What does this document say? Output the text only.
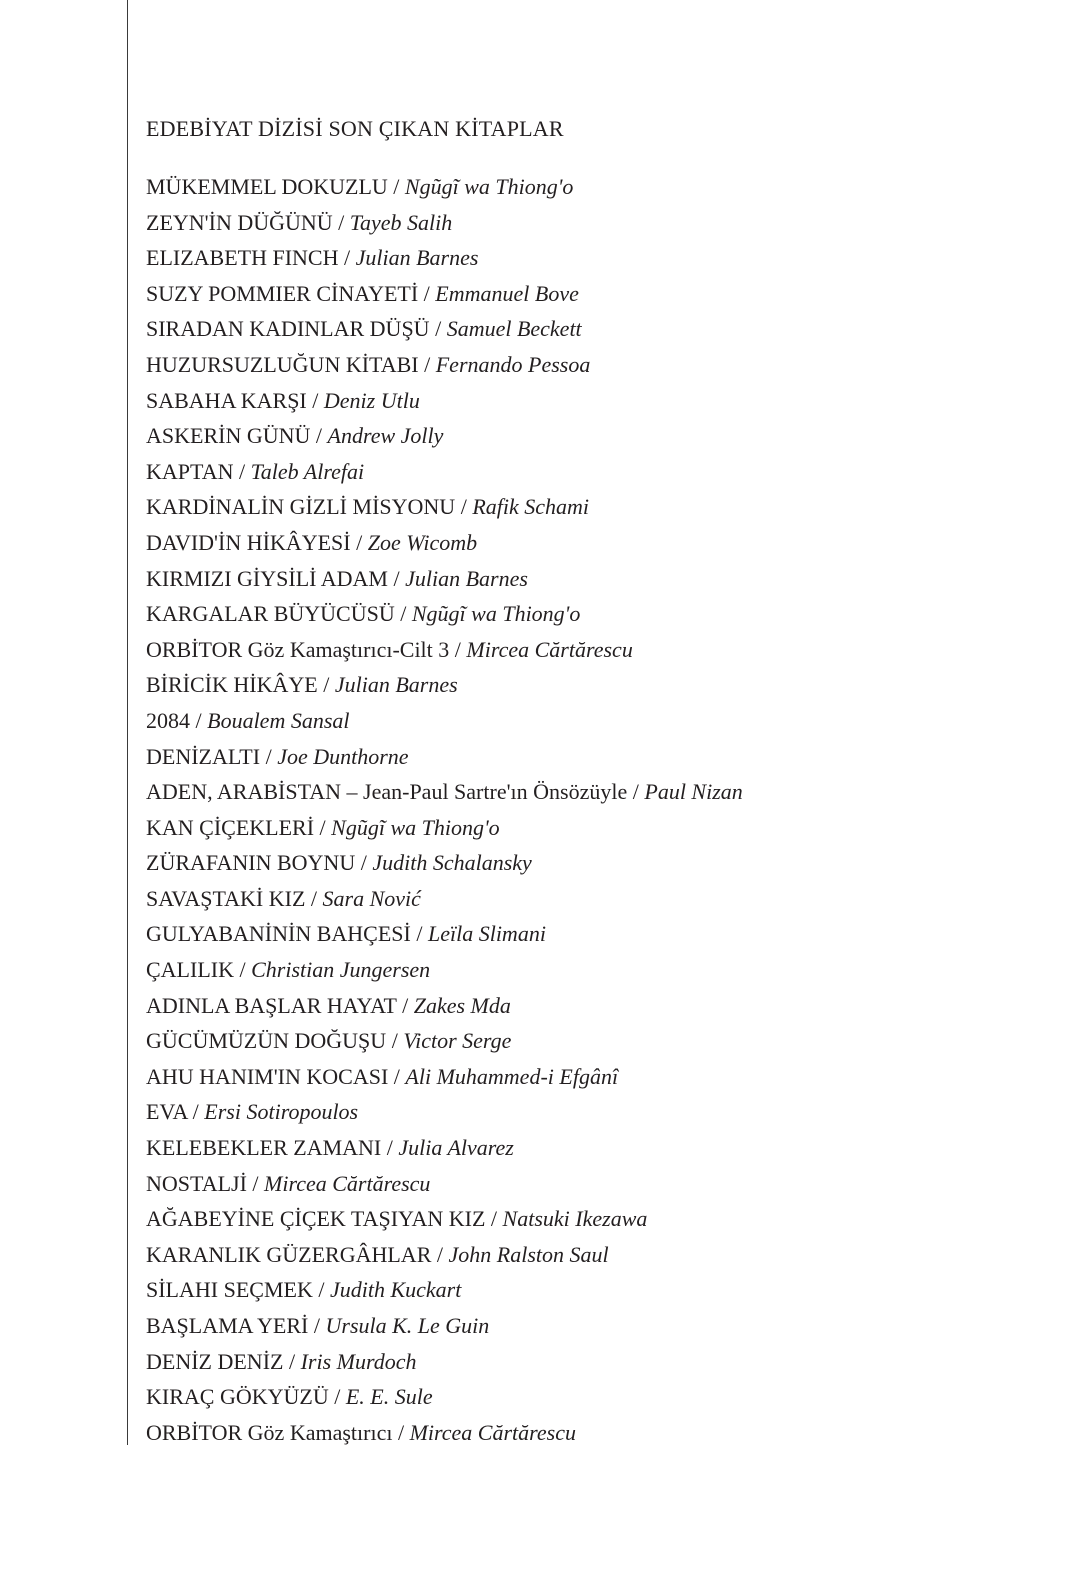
EDEBİYAT DİZİSİ SON ÇIKAN KİTAPLAR
MÜKEMMEL DOKUZLU / Ngũgĩ wa Thiong'o
ZEYN'İN DÜĞÜNÜ / Tayeb Salih
ELIZABETH FINCH / Julian Barnes
SUZY POMMIER CİNAYETİ / Emmanuel Bove
SIRADAN KADINLAR DÜŞÜ / Samuel Beckett
HUZURSUZLUĞUN KİTABI / Fernando Pessoa
SABAHA KARŞI / Deniz Utlu
ASKERİN GÜNÜ / Andrew Jolly
KAPTAN / Taleb Alrefai
KARDİNALİN GİZLİ MİSYONU / Rafik Schami
DAVID'İN HİKÂYESİ / Zoe Wicomb
KIRMIZI GİYSİLİ ADAM / Julian Barnes
KARGALAR BÜYÜCÜSÜ / Ngũgĩ wa Thiong'o
ORBİTOR Göz Kamaştırıcı-Cilt 3 / Mircea Cărtărescu
BİRİCİK HİKÂYE / Julian Barnes
2084 / Boualem Sansal
DENİZALTI / Joe Dunthorne
ADEN, ARABİSTAN – Jean-Paul Sartre'ın Önsözüyle / Paul Nizan
KAN ÇİÇEKLERİ / Ngũgĩ wa Thiong'o
ZÜRAFANIN BOYNU / Judith Schalansky
SAVAŞTAKİ KIZ / Sara Nović
GULYABANİNİN BAHÇESİ / Leïla Slimani
ÇALILIK / Christian Jungersen
ADINLA BAŞLAR HAYAT / Zakes Mda
GÜCÜMÜZÜN DOĞUŞU / Victor Serge
AHU HANIM'IN KOCASI / Ali Muhammed-i Efgânî
EVA / Ersi Sotiropoulos
KELEBEKLER ZAMANI / Julia Alvarez
NOSTALJİ / Mircea Cărtărescu
AĞABEYİNE ÇİÇEK TAŞIYAN KIZ / Natsuki Ikezawa
KARANLIK GÜZERGÂHLAR / John Ralston Saul
SİLAHI SEÇMEK / Judith Kuckart
BAŞLAMA YERİ / Ursula K. Le Guin
DENİZ DENİZ / Iris Murdoch
KIRAÇ GÖKYÜZÜ / E. E. Sule
ORBİTOR Göz Kamaştırıcı / Mircea Cărtărescu
